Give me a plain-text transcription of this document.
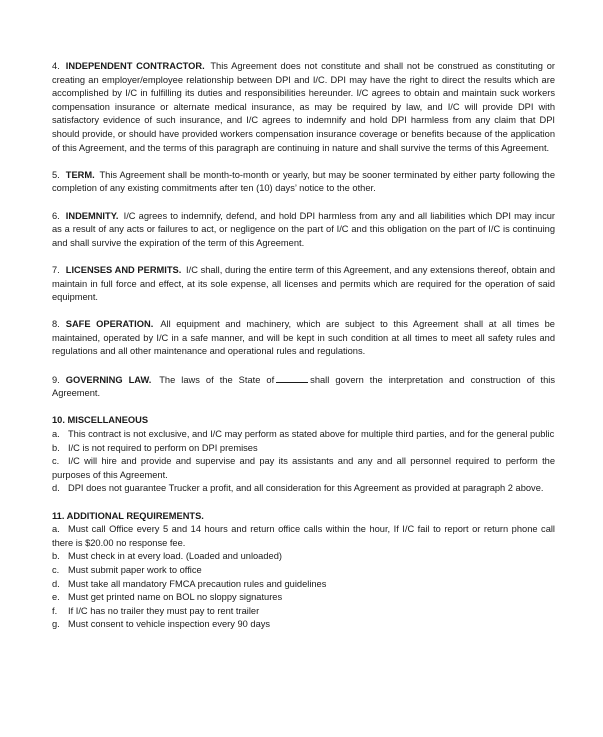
4. INDEPENDENT CONTRACTOR. This Agreement does not constitute and shall not be construed as constituting or creating an employer/employee relationship between DPI and I/C. DPI may have the right to direct the results which are accomplished by I/C in fulfilling its duties and responsibilities hereunder. I/C agrees to obtain and maintain suck workers compensation insurance or alternate medical insurance, as may be required by law, and I/C will provide DPI with satisfactory evidence of such insurance, and I/C agrees to indemnify and hold DPI harmless from any claim that DPI should provide, or should have provided workers compensation insurance coverage or benefits because of the application of this Agreement, and the terms of this paragraph are continuing in nature and shall survive the terms of this Agreement.

5. TERM. This Agreement shall be month-to-month or yearly, but may be sooner terminated by either party following the completion of any existing commitments after ten (10) days’ notice to the other.

6. INDEMNITY. I/C agrees to indemnify, defend, and hold DPI harmless from any and all liabilities which DPI may incur as a result of any acts or failures to act, or negligence on the part of I/C and this obligation on the part of I/C is continuing and shall survive the expiration of the term of this Agreement.

7. LICENSES AND PERMITS. I/C shall, during the entire term of this Agreement, and any extensions thereof, obtain and maintain in full force and effect, at its sole expense, all licenses and permits which are required for the operation of said equipment.

8. SAFE OPERATION. All equipment and machinery, which are subject to this Agreement shall at all times be maintained, operated by I/C in a safe manner, and will be kept in such condition at all times to meet all safety rules and regulations and all other maintenance and operational rules and regulations.

9. GOVERNING LAW. The laws of the State of	shall govern the interpretation and construction of this Agreement.

10. MISCELLANEOUS
a. This contract is not exclusive, and I/C may perform as stated above for multiple third parties, and for the general public
b. I/C is not required to perform on DPI premises
c. I/C will hire and provide and supervise and pay its assistants and any and all personnel required to perform the purposes of this Agreement.
d. DPI does not guarantee Trucker a profit, and all consideration for this Agreement as provided at paragraph 2 above.
11. ADDITIONAL REQUIREMENTS.
a. Must call Office every 5 and 14 hours and return office calls within the hour, If I/C fail to report or return phone call there is $20.00 no response fee.
b. Must check in at every load. (Loaded and unloaded)
c. Must submit paper work to office
d. Must take all mandatory FMCA precaution rules and guidelines
e. Must get printed name on BOL no sloppy signatures
f. If I/C has no trailer they must pay to rent trailer
g. Must consent to vehicle inspection every 90 days
